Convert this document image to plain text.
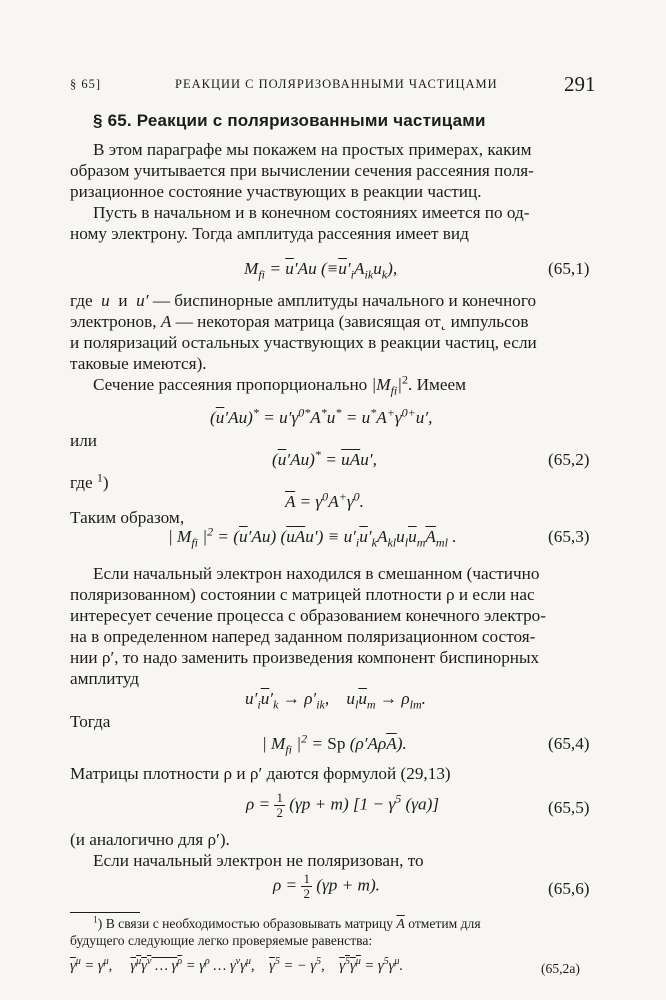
§ 65]	РЕАКЦИИ С ПОЛЯРИЗОВАННЫМИ ЧАСТИЦАМИ	291
§ 65. Реакции с поляризованными частицами
В этом параграфе мы покажем на простых примерах, каким
образом учитывается при вычислении сечения рассеяния поля-
ризационное состояние участвующих в реакции частиц.
Пусть в начальном и в конечном состояниях имеется по од-
ному электрону. Тогда амплитуда рассеяния имеет вид
$M_{fi} = \overline{u}'Au$ $(\equiv\overline{u}'_iA_{ik}u_k)$,	(65,1)
где u и u′ — биспинорные амплитуды начального и конечного
электронов, A — некоторая матрица (зависящая от˛ импульсов
и поляризаций остальных участвующих в реакции частиц, если
таковые имеются).
Сечение рассеяния пропорционально $|M_{fi}|^2$. Имеем
$(\overline{u}'Au)^* = u'\gamma^{0*}A^*u^* = u^*A^+\gamma^{0+}u'$,
или
$(\overline{u}'Au)^* = \overline{u}\overline{A}u'$,	(65,2)
где $^1$)
$\overline{A} = \gamma^0A^+\gamma^0$.
Таким образом,
| $M_{fi}$ $|^2 = (\overline{u}'Au) (\overline{u}\overline{A}u') \equiv u'_i\overline{u}'_kA_{kl}u_l\overline{u}_m\overline{A}_{ml}$ .	(65,3)
Если начальный электрон находился в смешанном (частично
поляризованном) состоянии с матрицей плотности ρ и если нас
интересует сечение процесса с образованием конечного электро-
на в определенном наперед заданном поляризационном состоя-
нии ρ′, то надо заменить произведения компонент биспинорных
амплитуд
$u'_i\overline{u}'_k \to \rho'_{ik}$,    $u_l\overline{u}_m \to \rho_{lm}$.
Тогда
| $M_{fi}$ $|^2 = Sp$ $(\rho'A\rho\overline{A})$.	(65,4)
Матрицы плотности ρ и ρ′ даются формулой (29,13)
$\rho = \frac{1}{2} (\gamma p + m) [1 - \gamma^5$ (γa)]	(65,5)
(и аналогично для ρ′).
Если начальный электрон не поляризован, то
$\rho = \frac{1}{2} (\gamma p + m)$.	(65,6)
$^1$) В связи с необходимостью образовывать матрицу $\overline{A}$ отметим для
будущего следующие легко проверяемые равенства:
$\overline{\gamma}^\mu = \gamma^\mu$,     $\gamma^\mu\gamma^\nu$ … $\gamma^\rho = \gamma^\rho$ … $\gamma^\nu\gamma^\mu$,    $\overline{\gamma}^5$ = − $\gamma^5$,    $\gamma^5\gamma^\mu = \gamma^5\gamma^\mu$.	(65,2а)
